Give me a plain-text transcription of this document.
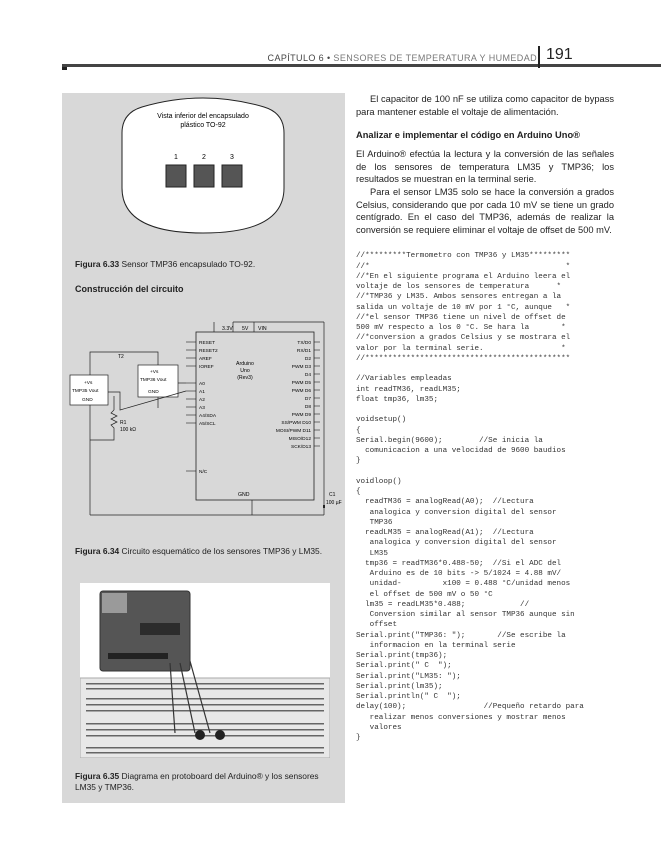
CAPÍTULO 6 • SENSORES DE TEMPERATURA Y HUMEDAD 191
Vista inferior del encapsulado
plástico TO-92
1	2	3
Figura 6.33 Sensor TMP36 encapsulado TO-92.
Construcción del circuito
3.3V 5V VIN
Arduino
Uno
(Rev3)
GND
RESET
RESET2
AREF
IOREF
A0
A1
A2
A3
A4/SDA
A5/SCL
N/C
TX/D0
RX/D1
D2
PWM D3
D4
PWM D5
PWM D6
D7
D8
PWM D9
SS/PWM D10
MOSI/PWM D11
MISO/D12
SCK/D13
+Vs
TMP36 Vout
GND
T2
+Vs
TMP35 Vout
GND
R1
100 kΩ
C1
100 µF
Figura 6.34 Circuito esquemático de los sensores TMP36 y LM35.
Figura 6.35 Diagrama en protoboard del Arduino® y los sensores LM35 y TMP36.

El capacitor de 100 nF se utiliza como capacitor de bypass para mantener estable el voltaje de alimentación.

Analizar e implementar el código en Arduino Uno®

El Arduino® efectúa la lectura y la conversión de las señales de los sensores de temperatura LM35 y TMP36; los resultados se muestran en la terminal serie.

Para el sensor LM35 solo se hace la conversión a grados Celsius, considerando que por cada 10 mV se tiene un grado centígrado. En el caso del TMP36, además de realizar la conversión se requiere eliminar el voltaje de offset de 500 mV.

//*********Termometro con TMP36 y LM35*********
//*                                           *
//*En el siguiente programa el Arduino leera el
voltaje de los sensores de temperatura      *
//*TMP36 y LM35. Ambos sensores entregan a la
salida un voltaje de 10 mV por 1 °C, aunque   *
//*el sensor TMP36 tiene un nivel de offset de
500 mV respecto a los 0 °C. Se hara la       *
//*conversion a grados Celsius y se mostrara el
valor por la terminal serie.                 *
//*********************************************

//Variables empleadas
int readTM36, readLM35;
float tmp36, lm35;

voidsetup()
{
Serial.begin(9600);        //Se inicia la
comunicacion a una velocidad de 9600 baudios
}

voidloop()
{
readTM36 = analogRead(A0);  //Lectura
analogica y conversion digital del sensor
TMP36
readLM35 = analogRead(A1);  //Lectura
analogica y conversion digital del sensor
LM35
tmp36 = readTM36*0.488-50;  //Si el ADC del
Arduino es de 10 bits -> 5/1024 = 4.88 mV/
unidad-         x100 = 0.488 °C/unidad menos
el offset de 500 mV o 50 °C
lm35 = readLM35*0.488;            //
Conversion similar al sensor TMP36 aunque sin
offset
Serial.print("TMP36: ");       //Se escribe la
informacion en la terminal serie
Serial.print(tmp36);
Serial.print(" C  ");
Serial.print("LM35: ");
Serial.print(lm35);
Serial.println(" C  ");
delay(100);                 //Pequeño retardo para
realizar menos conversiones y mostrar menos
valores
}
